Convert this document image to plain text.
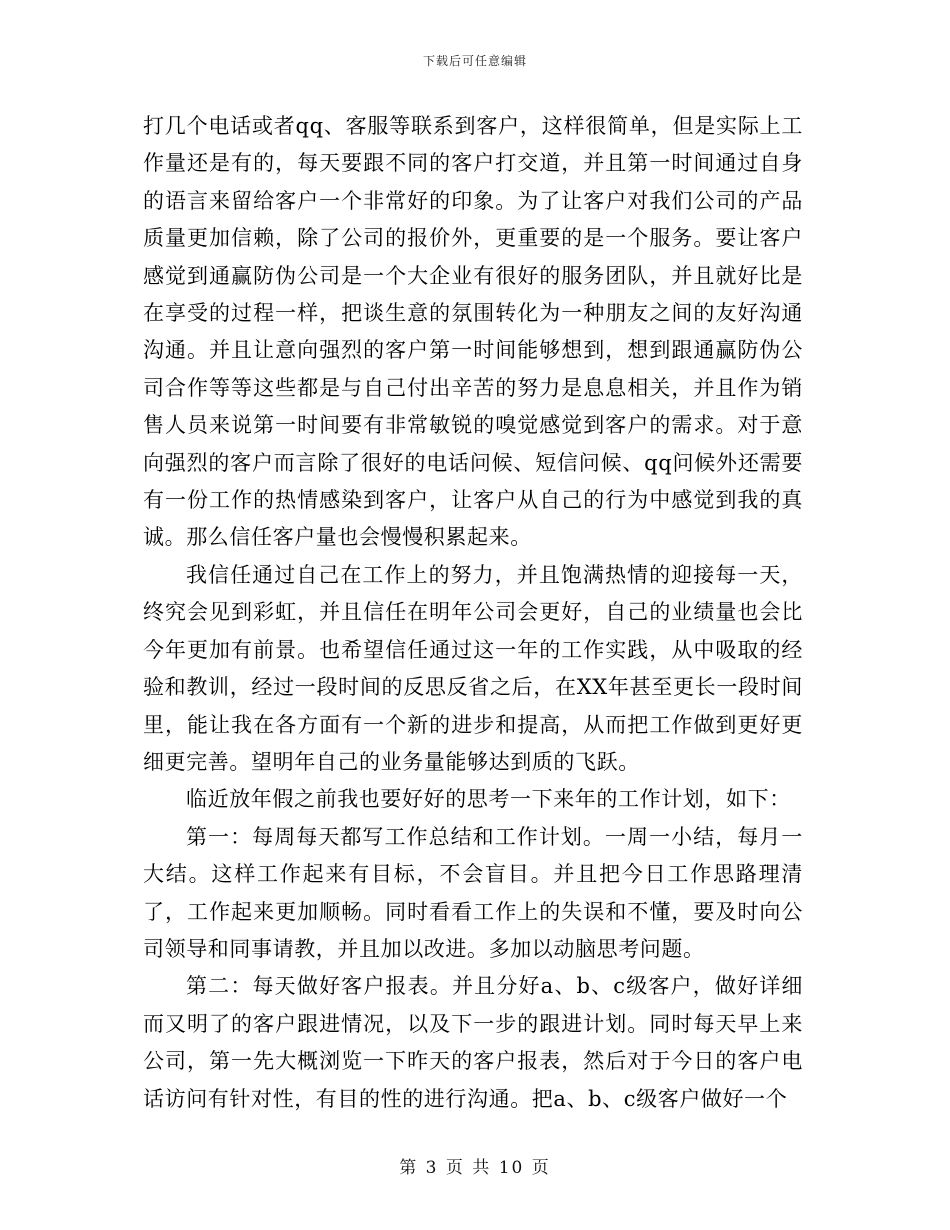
下载后可任意编辑

打几个电话或者qq、客服等联系到客户，这样很简单，但是实际上工作量还是有的，每天要跟不同的客户打交道，并且第一时间通过自身的语言来留给客户一个非常好的印象。为了让客户对我们公司的产品质量更加信赖，除了公司的报价外，更重要的是一个服务。要让客户感觉到通赢防伪公司是一个大企业有很好的服务团队，并且就好比是在享受的过程一样，把谈生意的氛围转化为一种朋友之间的友好沟通沟通。并且让意向强烈的客户第一时间能够想到，想到跟通赢防伪公司合作等等这些都是与自己付出辛苦的努力是息息相关，并且作为销售人员来说第一时间要有非常敏锐的嗅觉感觉到客户的需求。对于意向强烈的客户而言除了很好的电话问候、短信问候、qq问候外还需要有一份工作的热情感染到客户，让客户从自己的行为中感觉到我的真诚。那么信任客户量也会慢慢积累起来。

我信任通过自己在工作上的努力，并且饱满热情的迎接每一天，终究会见到彩虹，并且信任在明年公司会更好，自己的业绩量也会比今年更加有前景。也希望信任通过这一年的工作实践，从中吸取的经验和教训，经过一段时间的反思反省之后，在XX年甚至更长一段时间里，能让我在各方面有一个新的进步和提高，从而把工作做到更好更细更完善。望明年自己的业务量能够达到质的飞跃。

临近放年假之前我也要好好的思考一下来年的工作计划，如下：

第一：每周每天都写工作总结和工作计划。一周一小结，每月一大结。这样工作起来有目标，不会盲目。并且把今日工作思路理清了，工作起来更加顺畅。同时看看工作上的失误和不懂，要及时向公司领导和同事请教，并且加以改进。多加以动脑思考问题。

第二：每天做好客户报表。并且分好a、b、c级客户，做好详细而又明了的客户跟进情况，以及下一步的跟进计划。同时每天早上来公司，第一先大概浏览一下昨天的客户报表，然后对于今日的客户电话访问有针对性，有目的性的进行沟通。把a、b、c级客户做好一个

第 3 页 共 10 页
